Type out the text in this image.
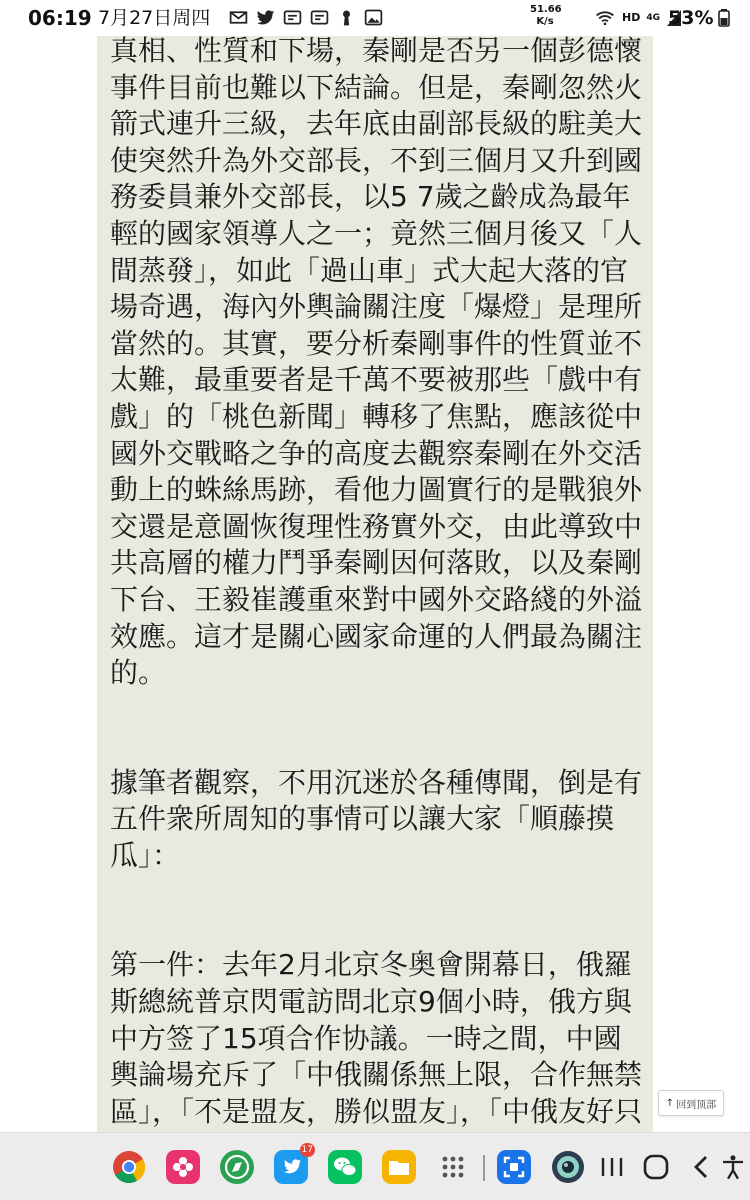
06:19 7月27日周四	51.66
K/s	HD 4G 53%

真相、性質和下場，秦剛是否另一個彭德懷事件目前也難以下結論。但是，秦剛忽然火箭式連升三級，去年底由副部長級的駐美大使突然升為外交部長，不到三個月又升到國務委員兼外交部長，以5 7歲之齡成為最年輕的國家領導人之一；竟然三個月後又「人間蒸發」，如此「過山車」式大起大落的官場奇遇，海內外輿論關注度「爆燈」是理所當然的。其實，要分析秦剛事件的性質並不太難，最重要者是千萬不要被那些「戲中有戲」的「桃色新聞」轉移了焦點，應該從中國外交戰略之争的高度去觀察秦剛在外交活動上的蛛絲馬跡，看他力圖實行的是戰狼外交還是意圖恢復理性務實外交，由此導致中共高層的權力鬥爭秦剛因何落敗，以及秦剛下台、王毅崔護重來對中國外交路綫的外溢效應。這才是關心國家命運的人們最為關注的。

據筆者觀察，不用沉迷於各種傳聞，倒是有五件衆所周知的事情可以讓大家「順藤摸瓜」：

第一件：去年2月北京冬奥會開幕日，俄羅斯總統普京閃電訪問北京9個小時，俄方與中方签了15項合作协議。一時之間，中國輿論場充斥了「中俄關係無上限，合作無禁區」，「不是盟友，勝似盟友」，「中俄友好只 ↑ 回到顶部
17
